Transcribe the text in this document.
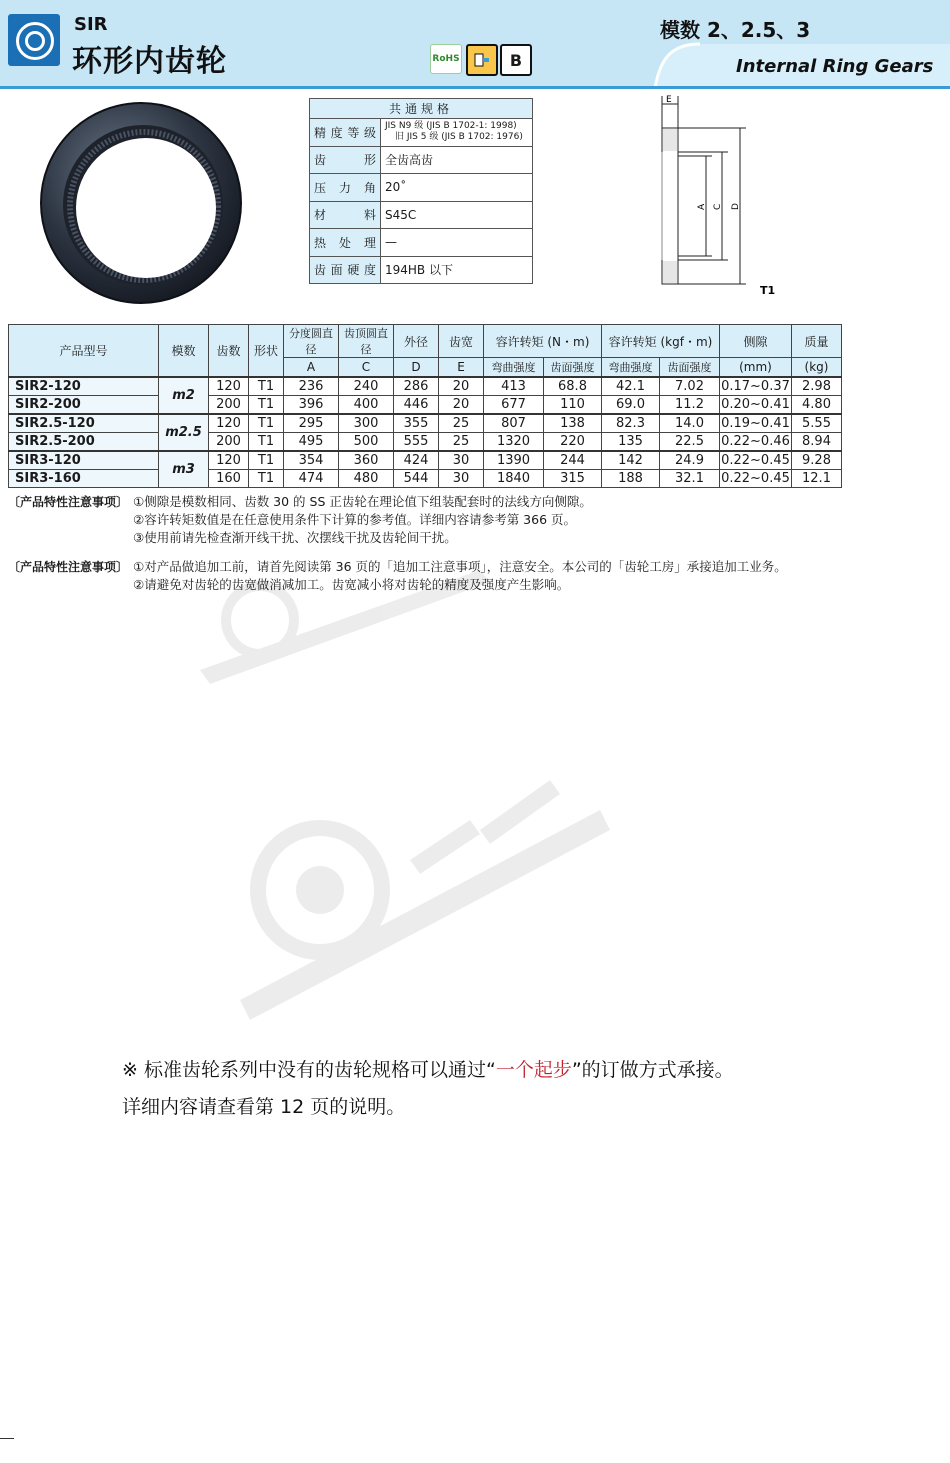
SIR
环形内齿轮	RoHS	B
模数 2、2.5、3
Internal Ring Gears
共通规格	
精度等级	JIS N9 级 (JIS B 1702-1: 1998)
旧 JIS 5 级 (JIS B 1702: 1976)

齿形	全齿高齿
压力角	20˚
材料	S45C
热处理	—
齿面硬度	194HB 以下
E
A C D
T1
产品型号	模数	齿数	形状	分度圆直径	齿顶圆直径	外径	齿宽	容许转矩 (N・m)		容许转矩 (kgf・m)		侧隙	质量
				A	C	D	E	弯曲强度	齿面强度	弯曲强度	齿面强度	(mm)	(kg)
SIR2-120	m2	120	T1	236	240	286	20	413	68.8	42.1	7.02	0.17~0.37	2.98
SIR2-200		200	T1	396	400	446	20	677	110	69.0	11.2	0.20~0.41	4.80
SIR2.5-120	m2.5	120	T1	295	300	355	25	807	138	82.3	14.0	0.19~0.41	5.55
SIR2.5-200		200	T1	495	500	555	25	1320	220	135	22.5	0.22~0.46	8.94
SIR3-120	m3	120	T1	354	360	424	30	1390	244	142	24.9	0.22~0.45	9.28
SIR3-160		160	T1	474	480	544	30	1840	315	188	32.1	0.22~0.45	12.1
〔产品特性注意事项〕 ①侧隙是模数相同、齿数 30 的 SS 正齿轮在理论值下组装配套时的法线方向侧隙。
②容许转矩数值是在任意使用条件下计算的参考值。详细内容请参考第 366 页。
③使用前请先检查渐开线干扰、次摆线干扰及齿轮间干扰。
〔产品特性注意事项〕 ①对产品做追加工前，请首先阅读第 36 页的「追加工注意事项」，注意安全。本公司的「齿轮工房」承接追加工业务。
②请避免对齿轮的齿宽做消减加工。齿宽减小将对齿轮的精度及强度产生影响。
※ 标准齿轮系列中没有的齿轮规格可以通过“一个起步”的订做方式承接。
详细内容请查看第 12 页的说明。
